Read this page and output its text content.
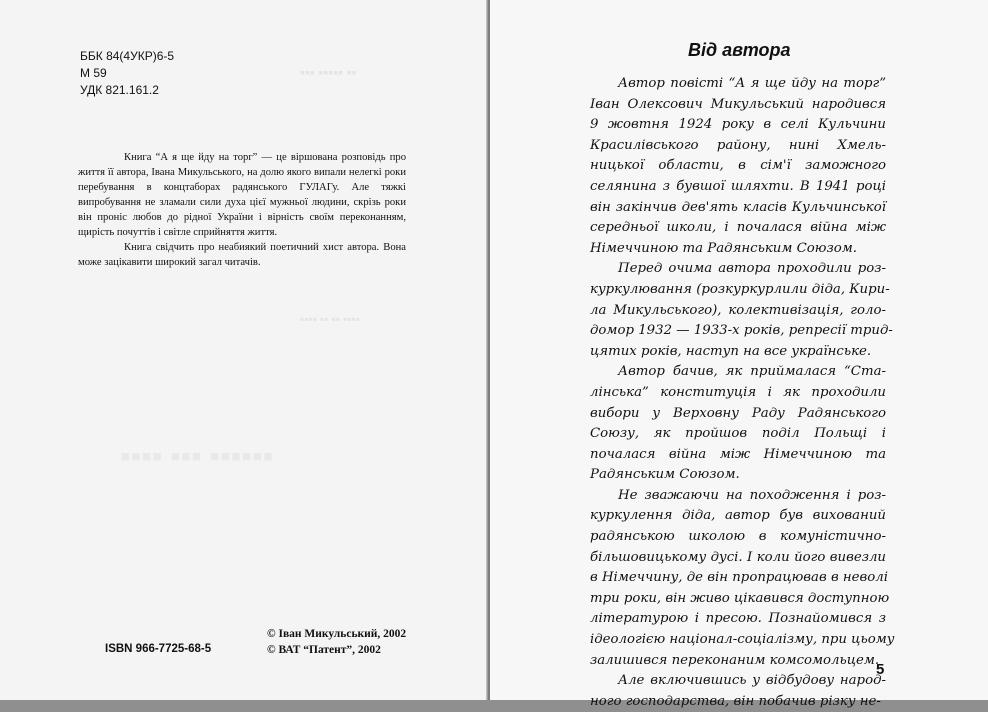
▪▪▪ ▪▪▪▪▪ ▪▪
▪▪▪▪ ▪▪ ▪▪ ▪▪▪▪
ББК 84(4УКР)6-5
М 59
УДК 821.161.2

Книга “А я ще йду на торг” — це віршована розповідь про життя її автора, Івана Микульського, на долю якого випали нелегкі роки перебування в концтаборах радянського ГУЛАГу. Але тяжкі випробування не зламали сили духа цієї мужньої людини, скрізь роки він проніс любов до рідної України і вірність своїм переконанням, щирість почуттів і світле сприйняття життя.

Книга свідчить про неабиякий поетичний хист автора. Вона може зацікавити широкий загал читачів.

ISBN 966-7725-68-5
© Іван Микульський, 2002
© ВАТ “Патент”, 2002
Від автора

Автор повісті “А я ще йду на торг”
Іван Олексович Микульський народився
9 жовтня 1924 року в селі Кульчини
Красилівського району, нині Хмель-
ницької области, в сім'ї заможного
селянина з бувшої шляхти. В 1941 році
він закінчив дев'ять класів Кульчинської
середньої школи, і почалася війна між
Німеччиною та Радянським Союзом.

Перед очима автора проходили роз-
куркулювання (розкуркурлили діда, Кири-
ла Микульського), колективізація, голо-
домор 1932 — 1933-х років, репресії трид-
цятих років, наступ на все українське.

Автор бачив, як приймалася “Ста-
лінська” конституція і як проходили
вибори у Верховну Раду Радянського
Союзу, як пройшов поділ Польщі і
почалася війна між Німеччиною та
Радянським Союзом.

Не зважаючи на походження і роз-
куркулення діда, автор був вихований
радянською школою в комуністично-
більшовицькому дусі. І коли його вивезли
в Німеччину, де він пропрацював в неволі
три роки, він живо цікавився доступною
літературою і пресою. Познайомився з
ідеологією націонал-соціалізму, при цьому
залишився переконаним комсомольцем.

Але включившись у відбудову народ-
ного господарства, він побачив різку не-

5
